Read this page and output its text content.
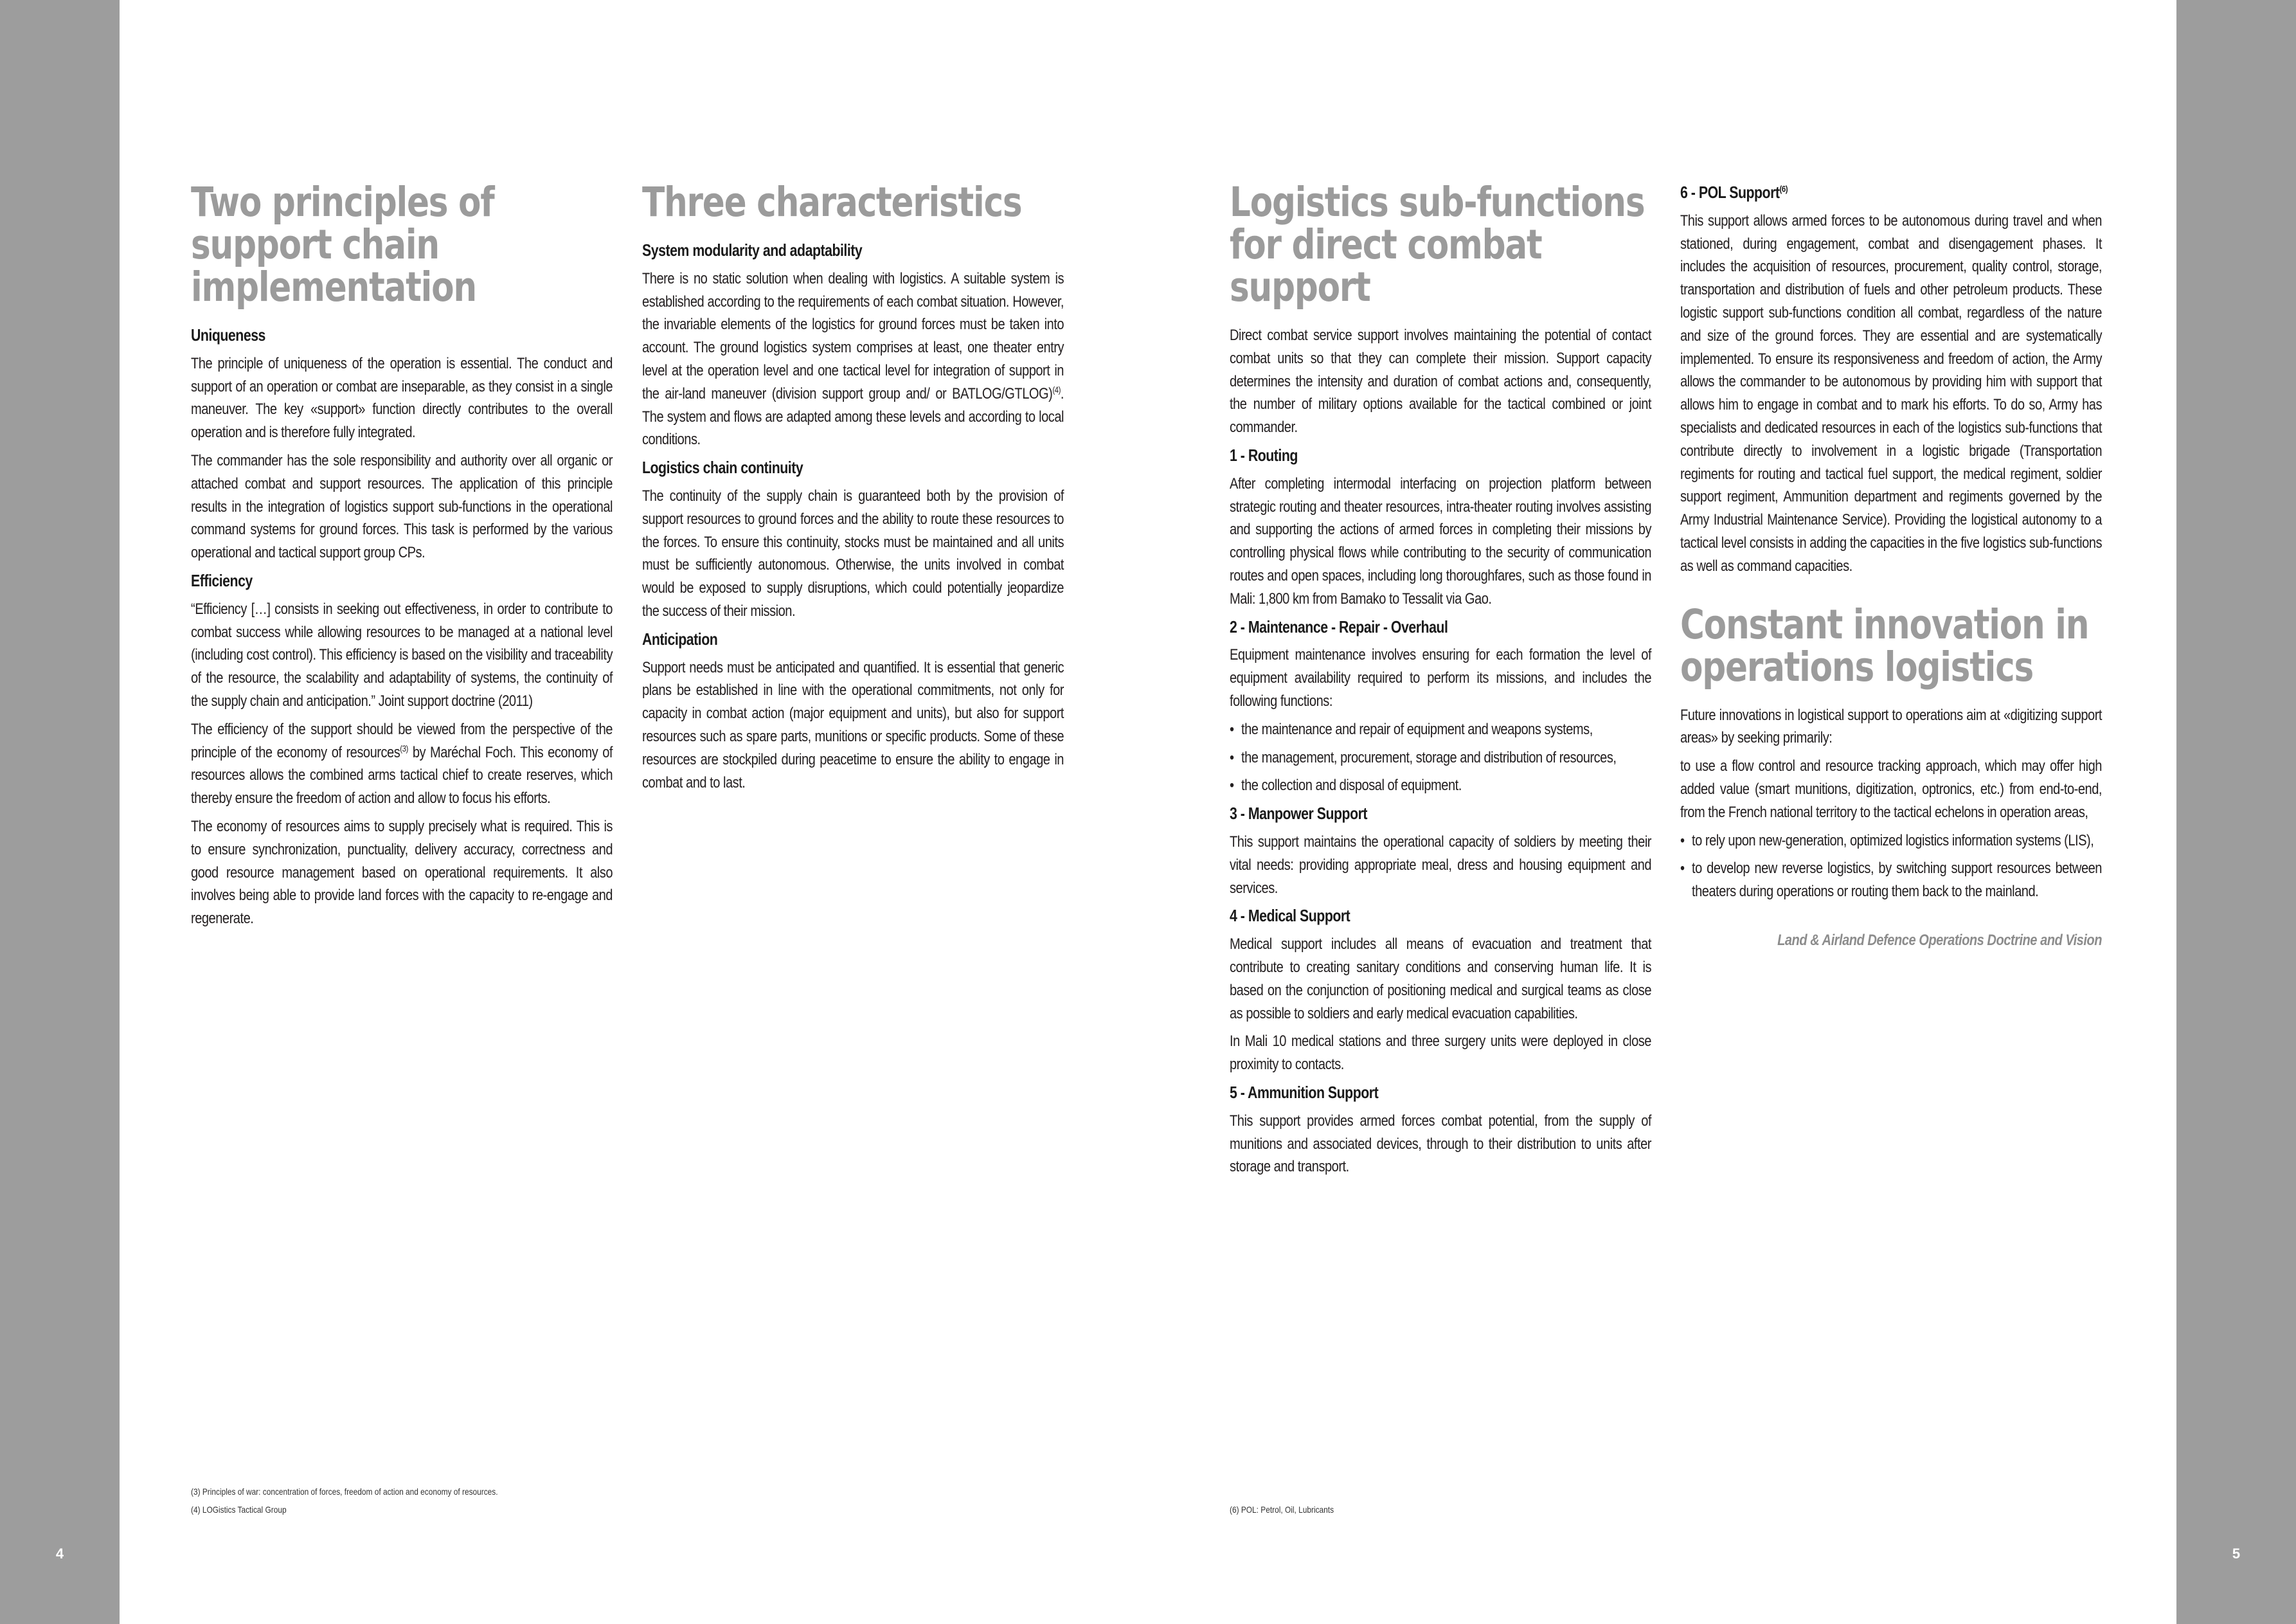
4	5
Two principles of support chain implementation
Uniqueness

The principle of uniqueness of the operation is essential. The conduct and support of an operation or combat are inseparable, as they consist in a single maneuver. The key «support» function directly contributes to the overall operation and is therefore fully integrated.

The commander has the sole responsibility and authority over all organic or attached combat and support resources. The application of this principle results in the integration of logistics support sub-functions in the operational command systems for ground forces. This task is performed by the various operational and tactical support group CPs.

Efficiency

“Efficiency […] consists in seeking out effectiveness, in order to contribute to combat success while allowing resources to be managed at a national level (including cost control). This efficiency is based on the visibility and traceability of the resource, the scalability and adaptability of systems, the continuity of the supply chain and anticipation.” Joint support doctrine (2011)

The efficiency of the support should be viewed from the perspective of the principle of the economy of resources$^{(3)}$ by Maréchal Foch. This economy of resources allows the combined arms tactical chief to create reserves, which thereby ensure the freedom of action and allow to focus his efforts.

The economy of resources aims to supply precisely what is required. This is to ensure synchronization, punctuality, delivery accuracy, correctness and good resource management based on operational requirements. It also involves being able to provide land forces with the capacity to re-engage and regenerate.

Three characteristics
System modularity and adaptability

There is no static solution when dealing with logistics. A suitable system is established according to the requirements of each combat situation. However, the invariable elements of the logistics for ground forces must be taken into account. The ground logistics system comprises at least, one theater entry level at the operation level and one tactical level for integration of support in the air-land maneuver (division support group and/ or BATLOG/GTLOG)$^{(4)}$. The system and flows are adapted among these levels and according to local conditions.

Logistics chain continuity

The continuity of the supply chain is guaranteed both by the provision of support resources to ground forces and the ability to route these resources to the forces. To ensure this continuity, stocks must be maintained and all units must be sufficiently autonomous. Otherwise, the units involved in combat would be exposed to supply disruptions, which could potentially jeopardize the success of their mission.

Anticipation

Support needs must be anticipated and quantified. It is essential that generic plans be established in line with the operational commitments, not only for capacity in combat action (major equipment and units), but also for support resources such as spare parts, munitions or specific products. Some of these resources are stockpiled during peacetime to ensure the ability to engage in combat and to last.

Logistics sub-functions for direct combat support

Direct combat service support involves maintaining the potential of contact combat units so that they can complete their mission. Support capacity determines the intensity and duration of combat actions and, consequently, the number of military options available for the tactical combined or joint commander.

1 - Routing

After completing intermodal interfacing on projection platform between strategic routing and theater resources, intra-theater routing involves assisting and supporting the actions of armed forces in completing their missions by controlling physical flows while contributing to the security of communication routes and open spaces, including long thoroughfares, such as those found in Mali: 1,800 km from Bamako to Tessalit via Gao.

2 - Maintenance - Repair - Overhaul

Equipment maintenance involves ensuring for each formation the level of equipment availability required to perform its missions, and includes the following functions:

• the maintenance and repair of equipment and weapons systems,
• the management, procurement, storage and distribution of resources,
• the collection and disposal of equipment.
3 - Manpower Support

This support maintains the operational capacity of soldiers by meeting their vital needs: providing appropriate meal, dress and housing equipment and services.

4 - Medical Support

Medical support includes all means of evacuation and treatment that contribute to creating sanitary conditions and conserving human life. It is based on the conjunction of positioning medical and surgical teams as close as possible to soldiers and early medical evacuation capabilities.

In Mali 10 medical stations and three surgery units were deployed in close proximity to contacts.

5 - Ammunition Support

This support provides armed forces combat potential, from the supply of munitions and associated devices, through to their distribution to units after storage and transport.

6 - POL Support$^{(6)}$

This support allows armed forces to be autonomous during travel and when stationed, during engagement, combat and disengagement phases. It includes the acquisition of resources, procurement, quality control, storage, transportation and distribution of fuels and other petroleum products. These logistic support sub-functions condition all combat, regardless of the nature and size of the ground forces. They are essential and are systematically implemented. To ensure its responsiveness and freedom of action, the Army allows the commander to be autonomous by providing him with support that allows him to engage in combat and to mark his efforts. To do so, Army has specialists and dedicated resources in each of the logistics sub-functions that contribute directly to involvement in a logistic brigade (Transportation regiments for routing and tactical fuel support, the medical regiment, soldier support regiment, Ammunition department and regiments governed by the Army Industrial Maintenance Service). Providing the logistical autonomy to a tactical level consists in adding the capacities in the five logistics sub-functions as well as command capacities.

Constant innovation in operations logistics

Future innovations in logistical support to operations aim at «digitizing support areas» by seeking primarily:

to use a flow control and resource tracking approach, which may offer high added value (smart munitions, digitization, optronics, etc.) from end-to-end, from the French national territory to the tactical echelons in operation areas,

• to rely upon new-generation, optimized logistics information systems (LIS),
• to develop new reverse logistics, by switching support resources between theaters during operations or routing them back to the mainland.
Land & Airland Defence Operations Doctrine and Vision
(3) Principles of war: concentration of forces, freedom of action and economy of resources.
(4) LOGistics Tactical Group	(6) POL: Petrol, Oil, Lubricants
